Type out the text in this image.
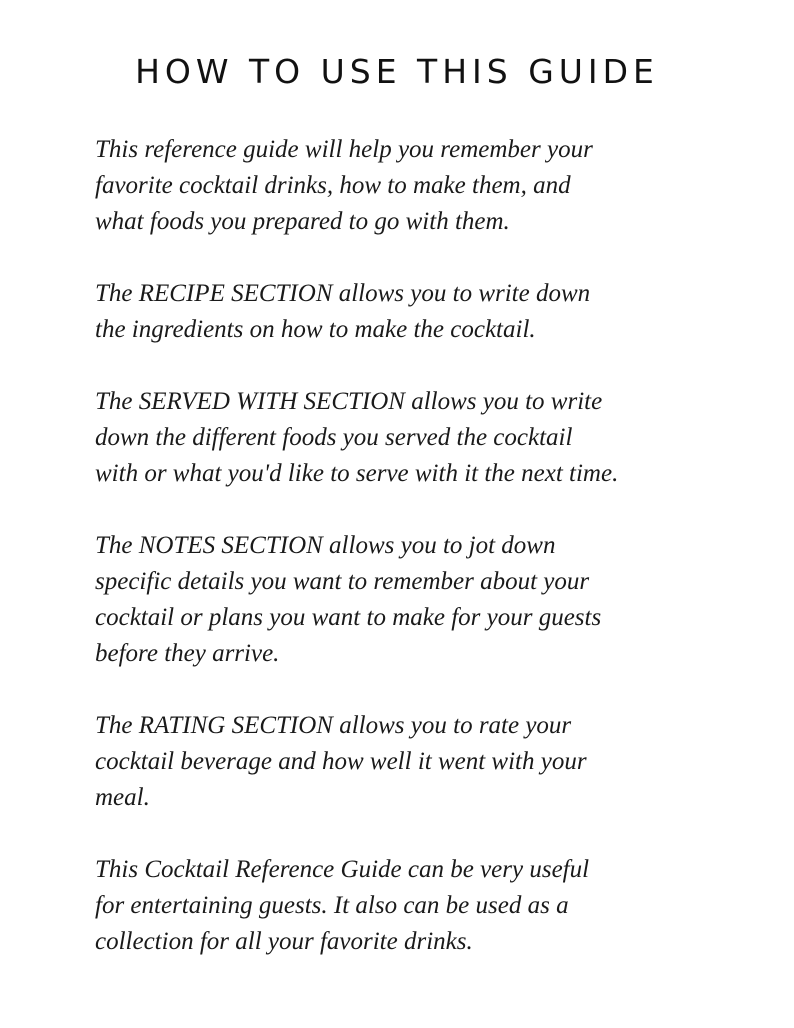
HOW TO USE THIS GUIDE

This reference guide will help you remember your

favorite cocktail drinks, how to make them, and

what foods you prepared to go with them.

The RECIPE SECTION allows you to write down

the ingredients on how to make the cocktail.

The SERVED WITH SECTION allows you to write

down the different foods you served the cocktail

with or what you'd like to serve with it the next time.

The NOTES SECTION allows you to jot down

specific details you want to remember about your

cocktail or plans you want to make for your guests

before they arrive.

The RATING SECTION allows you to rate your

cocktail beverage and how well it went with your

meal.

This Cocktail Reference Guide can be very useful

for entertaining guests. It also can be used as a

collection for all your favorite drinks.
